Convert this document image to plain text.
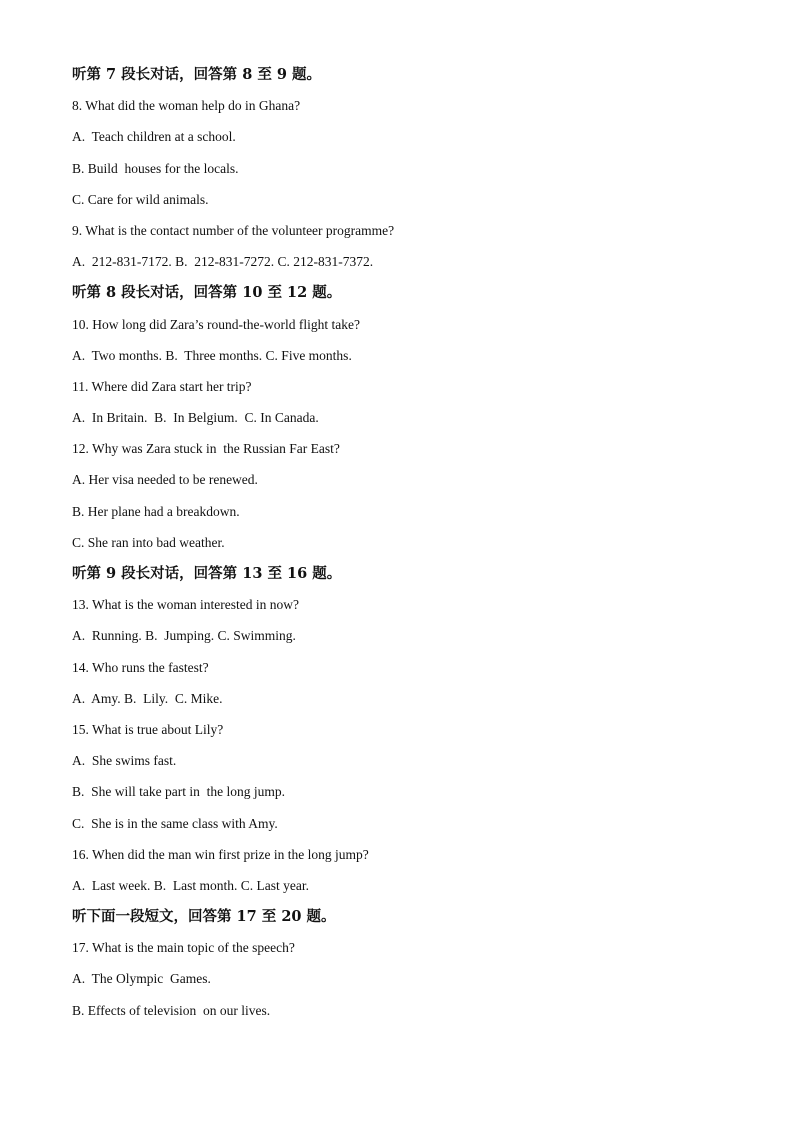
听第 7 段长对话，回答第 8 至 9 题。
8. What did the woman help do in Ghana?
A.  Teach children at a school.
B. Build  houses for the locals.
C. Care for wild animals.
9. What is the contact number of the volunteer programme?
A.  212-831-7172. B.  212-831-7272. C. 212-831-7372.
听第 8 段长对话，回答第 10 至 12 题。
10. How long did Zara’s round-the-world flight take?
A.  Two months. B.  Three months. C. Five months.
11. Where did Zara start her trip?
A.  In Britain.  B.  In Belgium.  C. In Canada.
12. Why was Zara stuck in  the Russian Far East?
A. Her visa needed to be renewed.
B. Her plane had a breakdown.
C. She ran into bad weather.
听第 9 段长对话，回答第 13 至 16 题。
13. What is the woman interested in now?
A.  Running. B.  Jumping. C. Swimming.
14. Who runs the fastest?
A.  Amy. B.  Lily.  C. Mike.
15. What is true about Lily?
A.  She swims fast.
B.  She will take part in  the long jump.
C.  She is in the same class with Amy.
16. When did the man win first prize in the long jump?
A.  Last week. B.  Last month. C. Last year.
听下面一段短文，回答第 17 至 20 题。
17. What is the main topic of the speech?
A.  The Olympic  Games.
B. Effects of television  on our lives.
